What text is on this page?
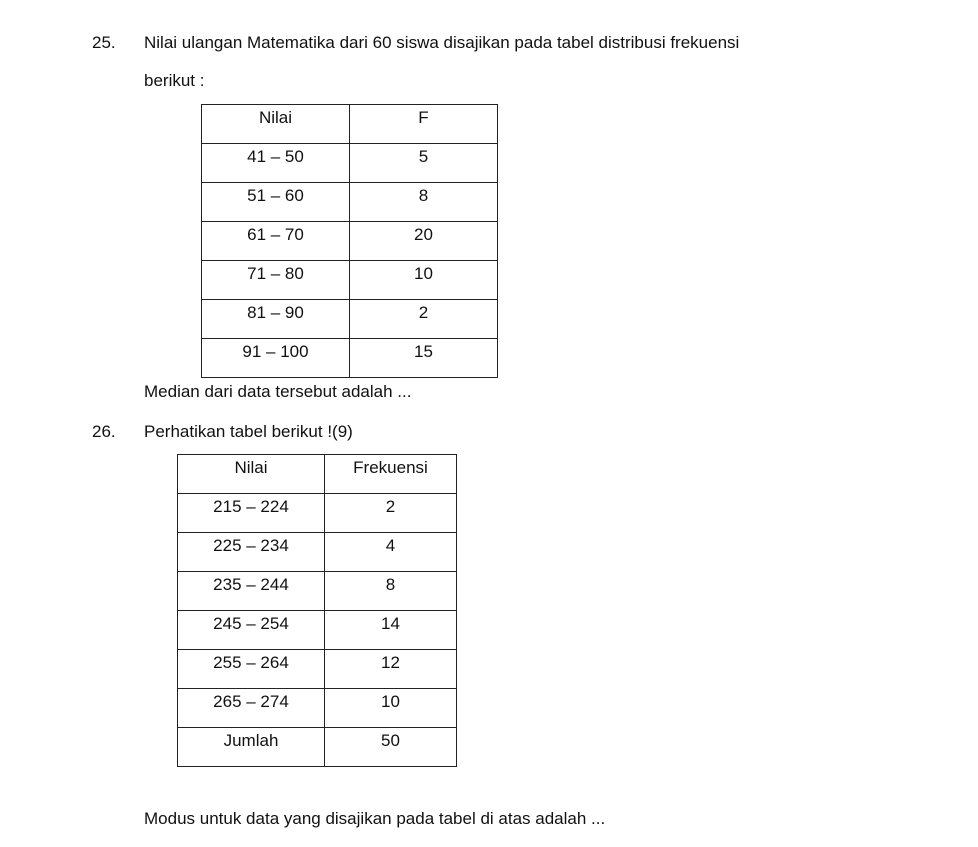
25. Nilai ulangan Matematika dari 60 siswa disajikan pada tabel distribusi frekuensi
berikut :
Nilai	F
41 – 50	5
51 – 60	8
61 – 70	20
71 – 80	10
81 – 90	2
91 – 100	15
Median dari data tersebut adalah ...
26. Perhatikan tabel berikut !(9)
Nilai	Frekuensi
215 – 224	2
225 – 234	4
235 – 244	8
245 – 254	14
255 – 264	12
265 – 274	10
Jumlah	50
Modus untuk data yang disajikan pada tabel di atas adalah ...
